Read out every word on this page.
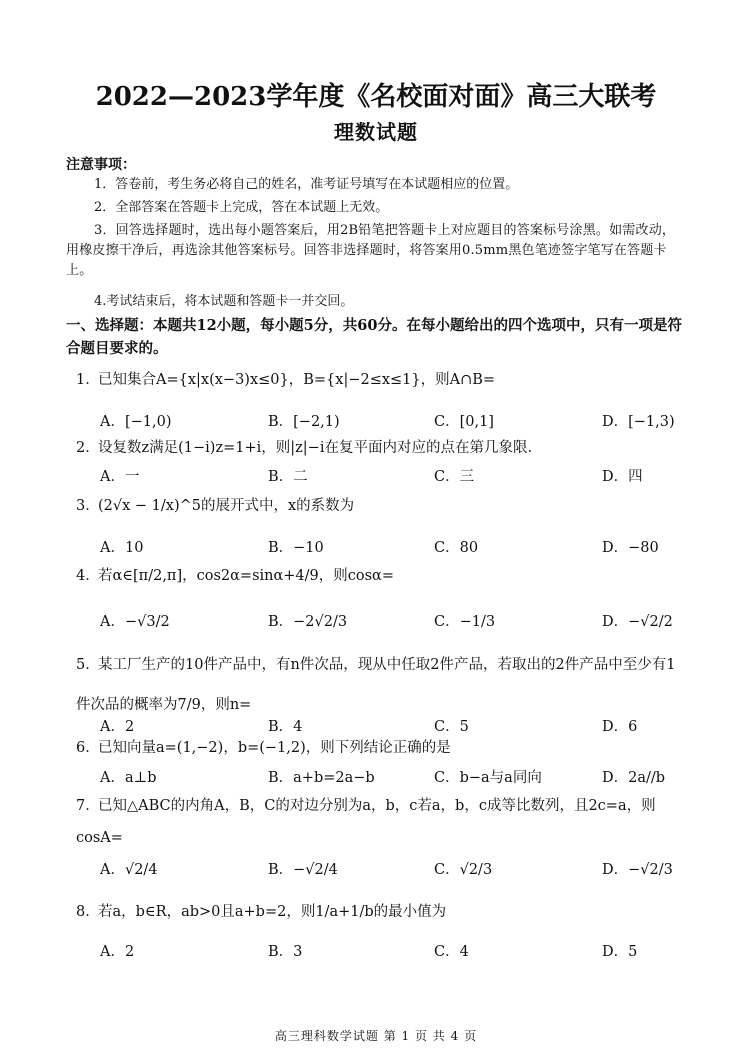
2022—2023学年度《名校面对面》高三大联考
理数试题
注意事项：
1．答卷前，考生务必将自己的姓名，准考证号填写在本试题相应的位置。
2．全部答案在答题卡上完成，答在本试题上无效。
3．回答选择题时，选出每小题答案后，用2B铅笔把答题卡上对应题目的答案标号涂黑。如需改动，用橡皮擦干净后，再选涂其他答案标号。回答非选择题时，将答案用0.5mm黑色笔迹签字笔写在答题卡上。
4.考试结束后，将本试题和答题卡一并交回。
一、选择题：本题共12小题，每小题5分，共60分。在每小题给出的四个选项中，只有一项是符合题目要求的。
1．已知集合A={x|x(x−3)x≤0}，B={x|−2≤x≤1}，则A∩B=
A．[−1,0)	B．[−2,1)	C．[0,1]	D．[−1,3)
2．设复数z满足(1−i)z=1+i，则|z|−i在复平面内对应的点在第几象限.
A．一	B．二	C．三	D．四
3．(2√x − 1/x)^5的展开式中，x的系数为
A．10	B．−10	C．80	D．−80
4．若α∈[π/2,π]，cos2α=sinα+4/9，则cosα=
A．−√3/2	B．−2√2/3	C．−1/3	D．−√2/2
5．某工厂生产的10件产品中，有n件次品，现从中任取2件产品，若取出的2件产品中至少有1件次品的概率为7/9，则n=
A．2	B．4	C．5	D．6
6．已知向量a=(1,−2)，b=(−1,2)，则下列结论正确的是
A．a⊥b	B．a+b=2a−b	C．b−a与a同向	D．2a//b
7．已知△ABC的内角A，B，C的对边分别为a，b，c若a，b，c成等比数列，且2c=a，则cosA=
A．√2/4	B．−√2/4	C．√2/3	D．−√2/3
8．若a，b∈R，ab>0且a+b=2，则1/a+1/b的最小值为
A．2	B．3	C．4	D．5
高三理科数学试题 第 1 页 共 4 页
